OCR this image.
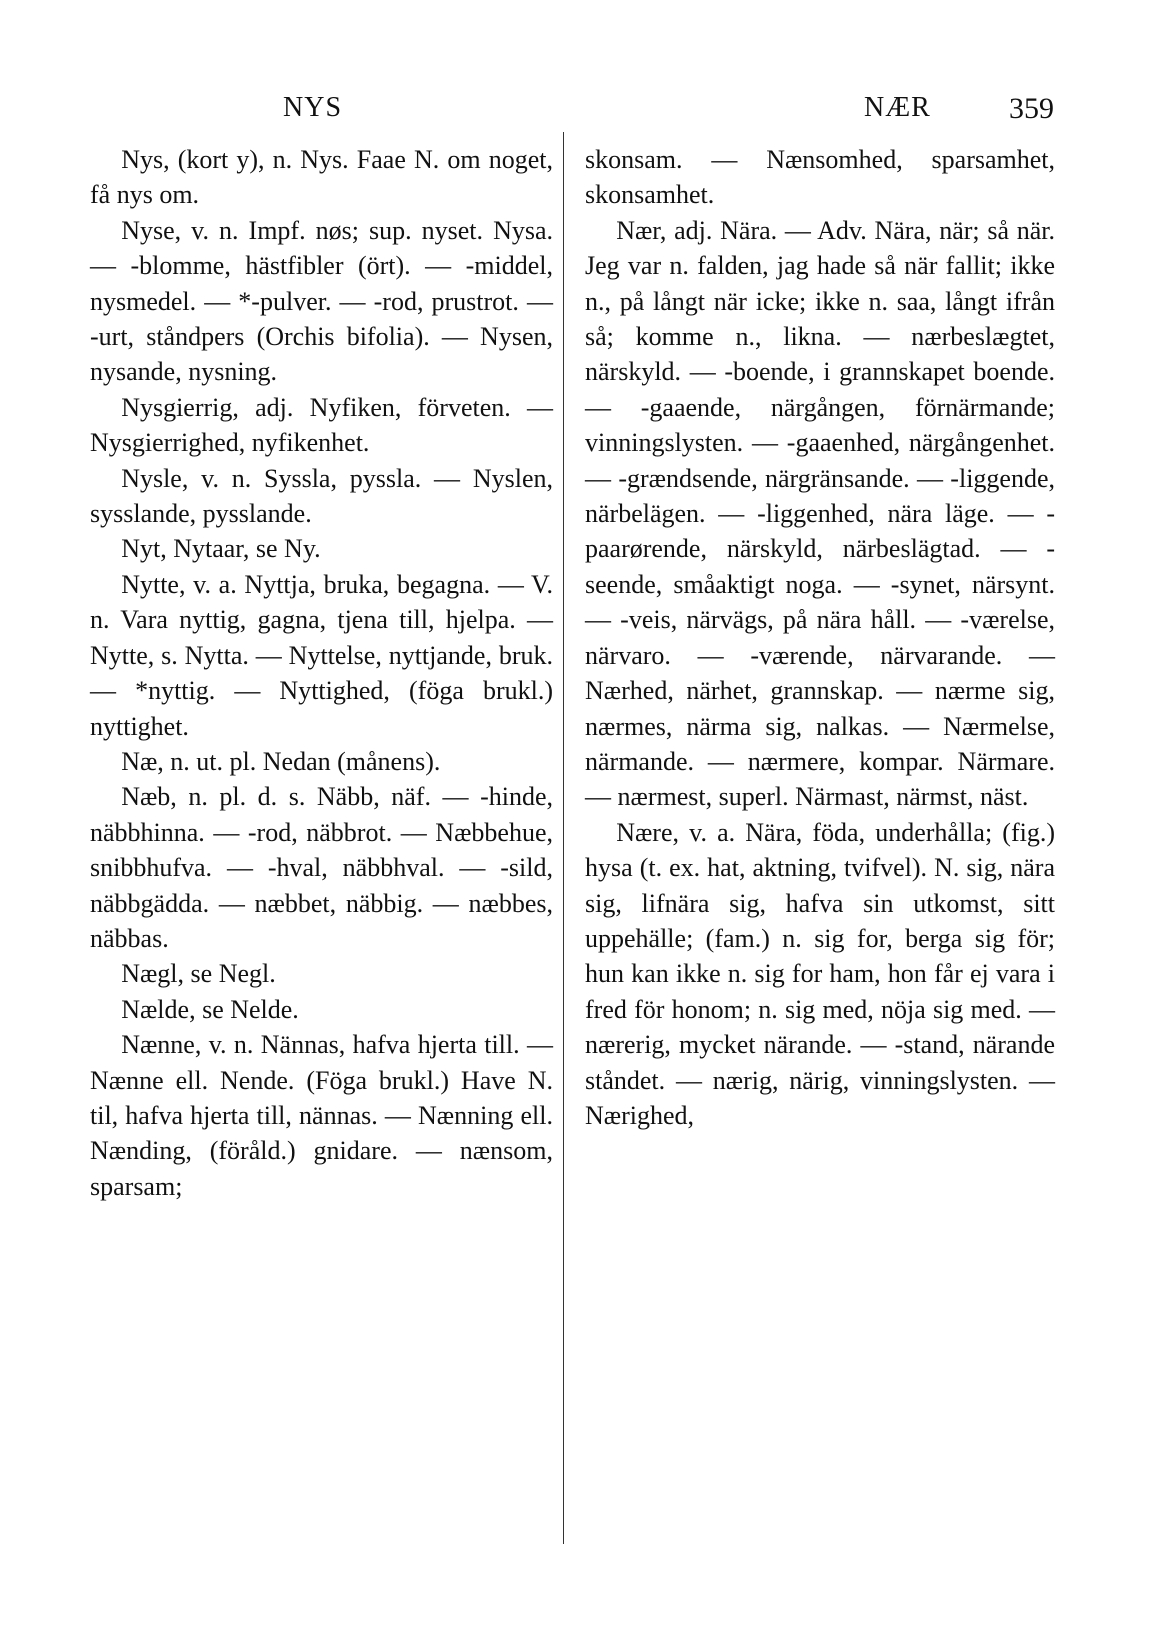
NYS	NÆR	359

Nys, (kort y), n. Nys. Faae N. om noget, få nys om.

Nyse, v. n. Impf. nøs; sup. nyset. Nysa. — -blomme, hästfibler (ört). — -middel, nysmedel. — *-pulver. — -rod, prustrot. — -urt, ståndpers (Orchis bifolia). — Nysen, nysande, nysning.

Nysgierrig, adj. Nyfiken, förveten. — Nysgierrighed, nyfikenhet.

Nysle, v. n. Syssla, pyssla. — Nyslen, sysslande, pysslande.

Nyt, Nytaar, se Ny.

Nytte, v. a. Nyttja, bruka, begagna. — V. n. Vara nyttig, gagna, tjena till, hjelpa. — Nytte, s. Nytta. — Nyttelse, nyttjande, bruk. — *nyttig. — Nyttighed, (föga brukl.) nyttighet.

Næ, n. ut. pl. Nedan (månens).

Næb, n. pl. d. s. Näbb, näf. — -hinde, näbbhinna. — -rod, näbbrot. — Næbbehue, snibbhufva. — -hval, näbbhval. — -sild, näbbgädda. — næbbet, näbbig. — næbbes, näbbas.

Nægl, se Negl.

Nælde, se Nelde.

Nænne, v. n. Nännas, hafva hjerta till. — Nænne ell. Nende. (Föga brukl.) Have N. til, hafva hjerta till, nännas. — Nænning ell. Nænding, (föråld.) gnidare. — nænsom, sparsam;

skonsam. — Nænsomhed, sparsamhet, skonsamhet.

Nær, adj. Nära. — Adv. Nära, när; så när. Jeg var n. falden, jag hade så när fallit; ikke n., på långt när icke; ikke n. saa, långt ifrån så; komme n., likna. — nærbeslægtet, närskyld. — -boende, i grannskapet boende. — -gaaende, närgången, förnärmande; vinningslysten. — -gaaenhed, närgångenhet. — -grændsende, närgränsande. — -liggende, närbelägen. — -liggenhed, nära läge. — -paarørende, närskyld, närbeslägtad. — -seende, småaktigt noga. — -synet, närsynt. — -veis, närvägs, på nära håll. — -værelse, närvaro. — -værende, närvarande. — Nærhed, närhet, grannskap. — nærme sig, nærmes, närma sig, nalkas. — Nærmelse, närmande. — nærmere, kompar. Närmare. — nærmest, superl. Närmast, närmst, näst.

Nære, v. a. Nära, föda, underhålla; (fig.) hysa (t. ex. hat, aktning, tvifvel). N. sig, nära sig, lifnära sig, hafva sin utkomst, sitt uppehälle; (fam.) n. sig for, berga sig för; hun kan ikke n. sig for ham, hon får ej vara i fred för honom; n. sig med, nöja sig med. — nærerig, mycket närande. — -stand, närande ståndet. — nærig, närig, vinningslysten. — Nærighed,
